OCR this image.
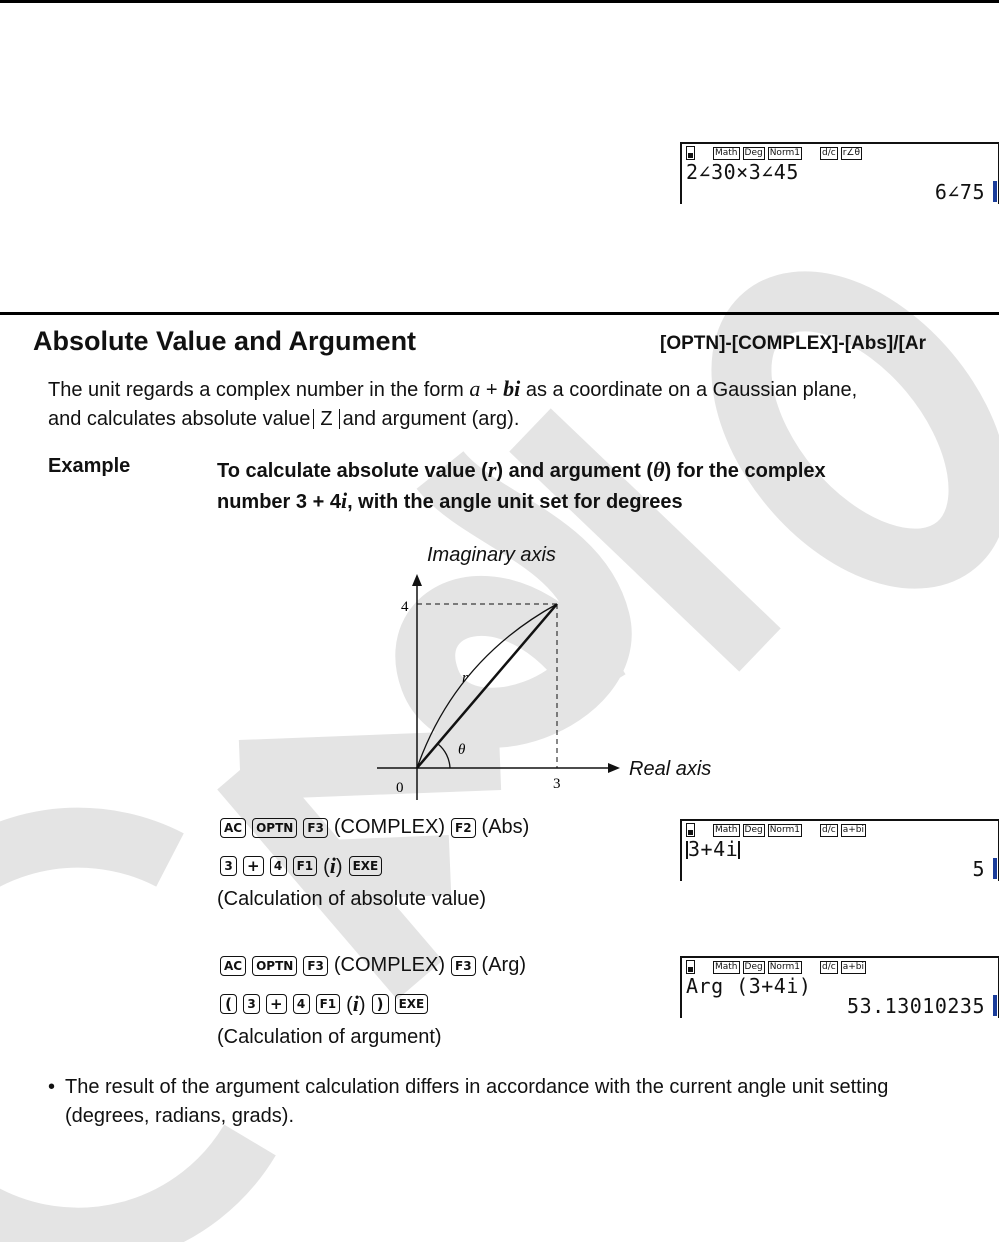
Math Deg Norm1 d/c r∠θ
2∠30×3∠45
6∠75
Absolute Value and Argument	[OPTN]-[COMPLEX]-[Abs]/[Ar
The unit regards a complex number in the form a + bi as a coordinate on a Gaussian plane,
and calculates absolute value Z and argument (arg).
Example	To calculate absolute value (r) and argument (θ) for the complex
number 3 + 4i, with the angle unit set for degrees
Imaginary axis
Real axis
4
3
0
r
θ
AC	OPTN	F3 (COMPLEX) F2 (Abs)
3 +	4	F1 (i) EXE
(Calculation of absolute value)
Math Deg Norm1 d/c a+bi
3+4i
5
AC	OPTN	F3 (COMPLEX) F3 (Arg)
(	3 +	4	F1 (i) )	EXE
(Calculation of argument)
Math Deg Norm1 d/c a+bi
Arg (3+4i)
53.13010235
• The result of the argument calculation differs in accordance with the current angle unit setting (degrees, radians, grads).
